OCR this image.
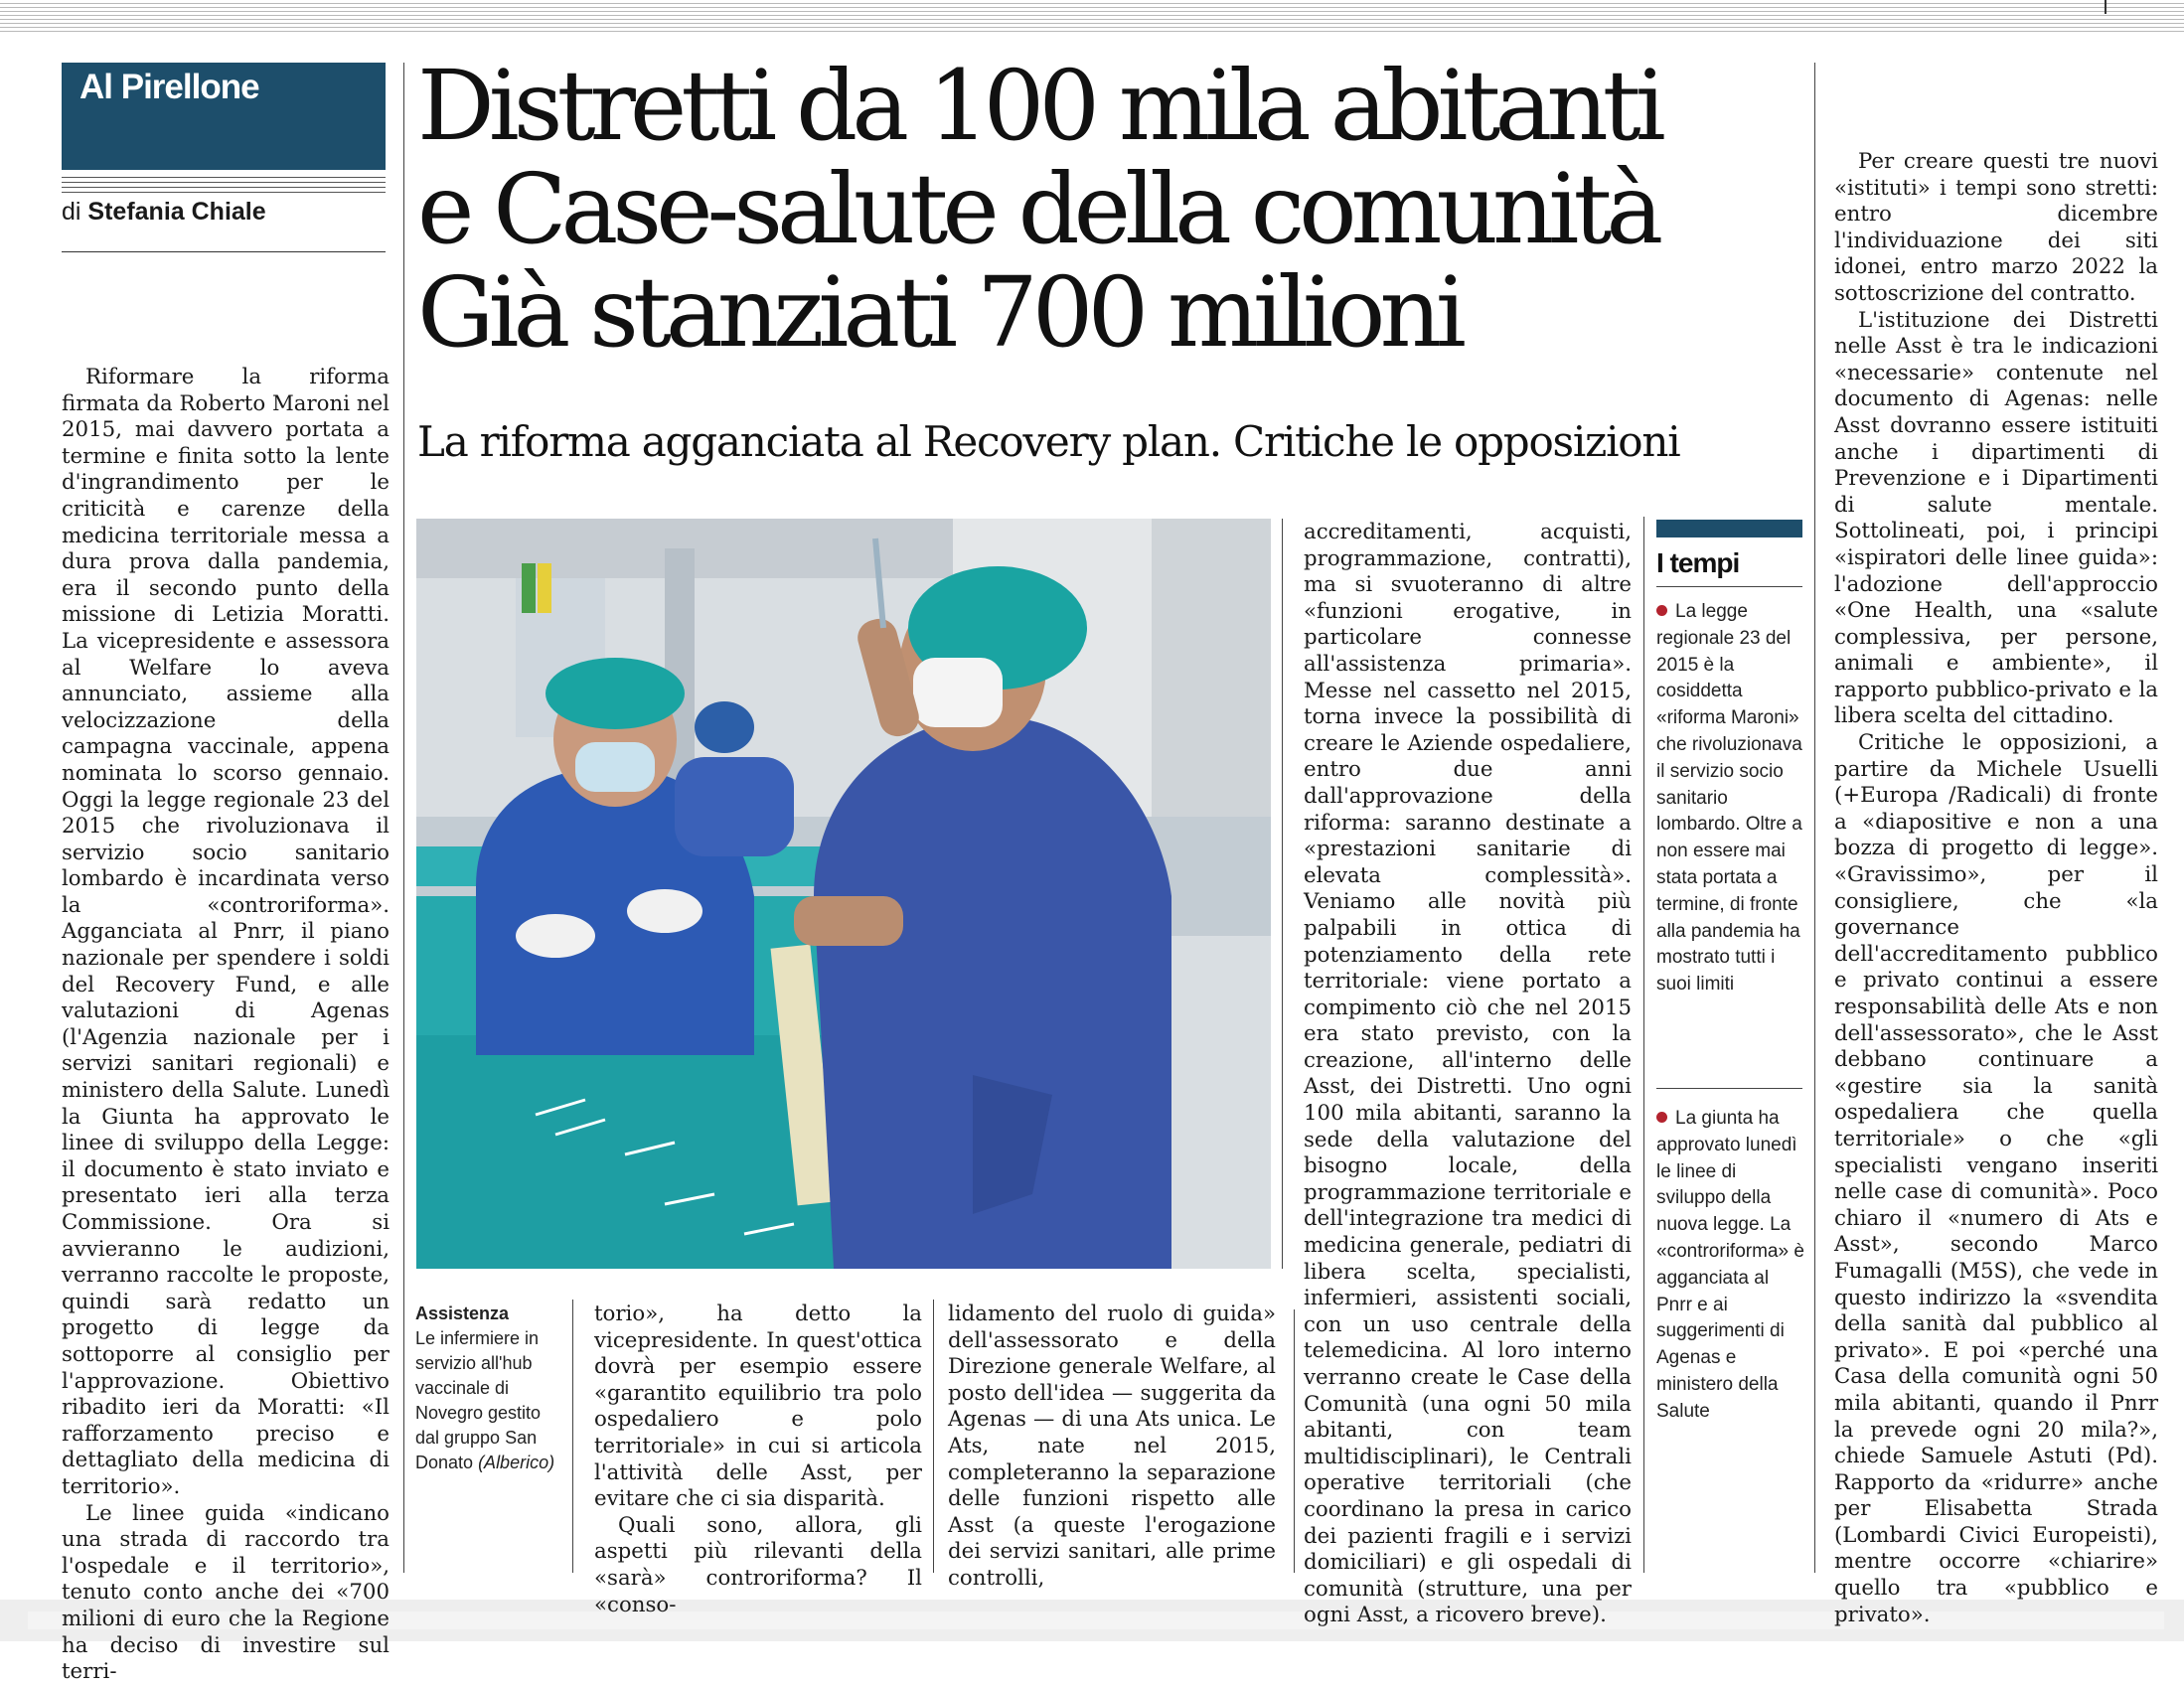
Al Pirellone
di Stefania Chiale
Distretti da 100 mila abitanti
e Case-salute della comunità
Già stanziati 700 milioni
La riforma agganciata al Recovery plan. Critiche le opposizioni
Assistenza
Le infermiere in servizio all'hub vaccinale di Novegro gestito dal gruppo San Donato (Alberico)

Riformare la riforma firmata da Roberto Maroni nel 2015, mai davvero portata a termine e finita sotto la lente d'ingrandimento per le criticità e carenze della medicina territoriale messa a dura prova dalla pandemia, era il secondo punto della missione di Letizia Moratti. La vicepresidente e assessora al Welfare lo aveva annunciato, assieme alla velocizzazione della campagna vaccinale, appena nominata lo scorso gennaio. Oggi la legge regionale 23 del 2015 che rivoluzionava il servizio socio sanitario lombardo è incardinata verso la «controriforma». Agganciata al Pnrr, il piano nazionale per spendere i soldi del Recovery Fund, e alle valutazioni di Agenas (l'Agenzia nazionale per i servizi sanitari regionali) e ministero della Salute. Lunedì la Giunta ha approvato le linee di sviluppo della Legge: il documento è stato inviato e presentato ieri alla terza Commissione. Ora si avvieranno le audizioni, verranno raccolte le proposte, quindi sarà redatto un progetto di legge da sottoporre al consiglio per l'approvazione. Obiettivo ribadito ieri da Moratti: «Il rafforzamento preciso e dettagliato della medicina di territorio».

Le linee guida «indicano una strada di raccordo tra l'ospedale e il territorio», tenuto conto anche dei «700 milioni di euro che la Regione ha deciso di investire sul terri-

torio», ha detto la vicepresidente. In quest'ottica dovrà per esempio essere «garantito equilibrio tra polo ospedaliero e polo territoriale» in cui si articola l'attività delle Asst, per evitare che ci sia disparità.

Quali sono, allora, gli aspetti più rilevanti della «sarà» controriforma? Il «conso-

lidamento del ruolo di guida» dell'assessorato e della Direzione generale Welfare, al posto dell'idea — suggerita da Agenas — di una Ats unica. Le Ats, nate nel 2015, completeranno la separazione delle funzioni rispetto alle Asst (a queste l'erogazione dei servizi sanitari, alle prime controlli,

accreditamenti, acquisti, programmazione, contratti), ma si svuoteranno di altre «funzioni erogative, in particolare connesse all'assistenza primaria». Messe nel cassetto nel 2015, torna invece la possibilità di creare le Aziende ospedaliere, entro due anni dall'approvazione della riforma: saranno destinate a «prestazioni sanitarie di elevata complessità». Veniamo alle novità più palpabili in ottica di potenziamento della rete territoriale: viene portato a compimento ciò che nel 2015 era stato previsto, con la creazione, all'interno delle Asst, dei Distretti. Uno ogni 100 mila abitanti, saranno la sede della valutazione del bisogno locale, della programmazione territoriale e dell'integrazione tra medici di medicina generale, pediatri di libera scelta, specialisti, infermieri, assistenti sociali, con un uso centrale della telemedicina. Al loro interno verranno create le Case della Comunità (una ogni 50 mila abitanti, con team multidisciplinari), le Centrali operative territoriali (che coordinano la presa in carico dei pazienti fragili e i servizi domiciliari) e gli ospedali di comunità (strutture, una per ogni Asst, a ricovero breve).

I tempi
La legge regionale 23 del 2015 è la cosiddetta «riforma Maroni» che rivoluzionava il servizio socio sanitario lombardo. Oltre a non essere mai stata portata a termine, di fronte alla pandemia ha mostrato tutti i suoi limiti
La giunta ha approvato lunedì le linee di sviluppo della nuova legge. La «controriforma» è agganciata al Pnrr e ai suggerimenti di Agenas e ministero della Salute

Per creare questi tre nuovi «istituti» i tempi sono stretti: entro dicembre l'individuazione dei siti idonei, entro marzo 2022 la sottoscrizione del contratto.

L'istituzione dei Distretti nelle Asst è tra le indicazioni «necessarie» contenute nel documento di Agenas: nelle Asst dovranno essere istituiti anche i dipartimenti di Prevenzione e i Dipartimenti di salute mentale. Sottolineati, poi, i principi «ispiratori delle linee guida»: l'adozione dell'approccio «One Health, una «salute complessiva, per persone, animali e ambiente», il rapporto pubblico-privato e la libera scelta del cittadino.

Critiche le opposizioni, a partire da Michele Usuelli (+Europa /Radicali) di fronte a «diapositive e non a una bozza di progetto di legge». «Gravissimo», per il consigliere, che «la governance dell'accreditamento pubblico e privato continui a essere responsabilità delle Ats e non dell'assessorato», che le Asst debbano continuare a «gestire sia la sanità ospedaliera che quella territoriale» o che «gli specialisti vengano inseriti nelle case di comunità». Poco chiaro il «numero di Ats e Asst», secondo Marco Fumagalli (M5S), che vede in questo indirizzo la «svendita della sanità dal pubblico al privato». E poi «perché una Casa della comunità ogni 50 mila abitanti, quando il Pnrr la prevede ogni 20 mila?», chiede Samuele Astuti (Pd). Rapporto da «ridurre» anche per Elisabetta Strada (Lombardi Civici Europeisti), mentre occorre «chiarire» quello tra «pubblico e privato».
